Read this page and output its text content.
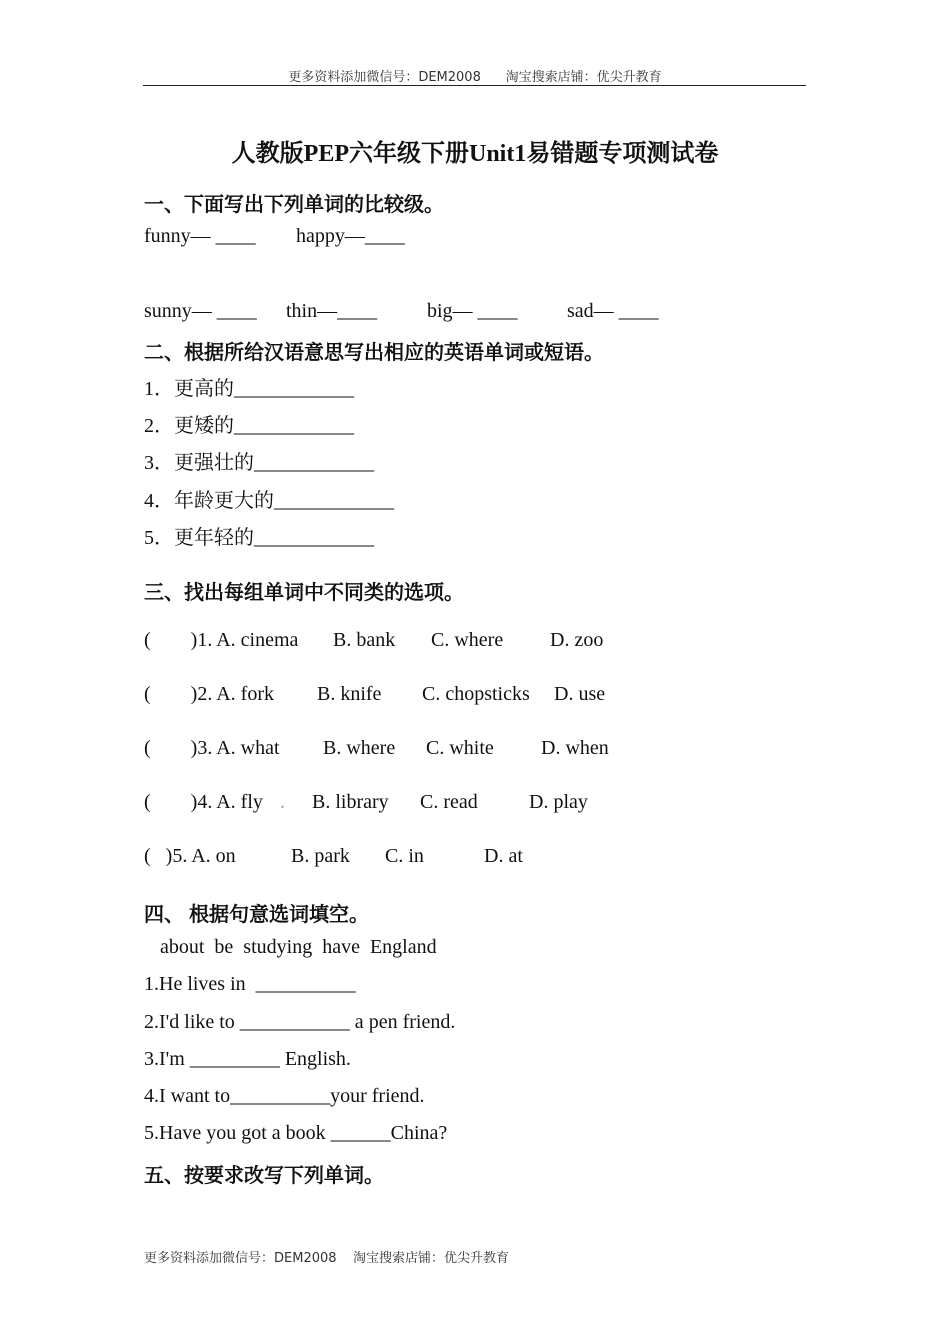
更多资料添加微信号：DEM2008      淘宝搜索店铺：优尖升教育
人教版PEP六年级下册Unit1易错题专项测试卷
一、下面写出下列单词的比较级。
funny— ____ happy—____
sunny— ____ thin—____ big— ____ sad— ____
二、根据所给汉语意思写出相应的英语单词或短语。
1．更高的____________
2．更矮的____________
3．更强壮的____________
4．年龄更大的____________
5．更年轻的____________
三、找出每组单词中不同类的选项。
(        )1. A. cinema B. bank C. where D. zoo
(        )2. A. fork B. knife C. chopsticks D. use
(        )3. A. what B. where C. white D. when
(        )4. A. fly . B. library C. read	D. play
(   )5. A. on	B. park C. in	D. at
四、 根据句意选词填空。
about  be  studying  have  England
1.He lives in  __________
2.I'd like to ___________ a pen friend.
3.I'm _________ English.
4.I want to__________your friend.
5.Have you got a book ______China?
五、按要求改写下列单词。
更多资料添加微信号：DEM2008    淘宝搜索店铺：优尖升教育
